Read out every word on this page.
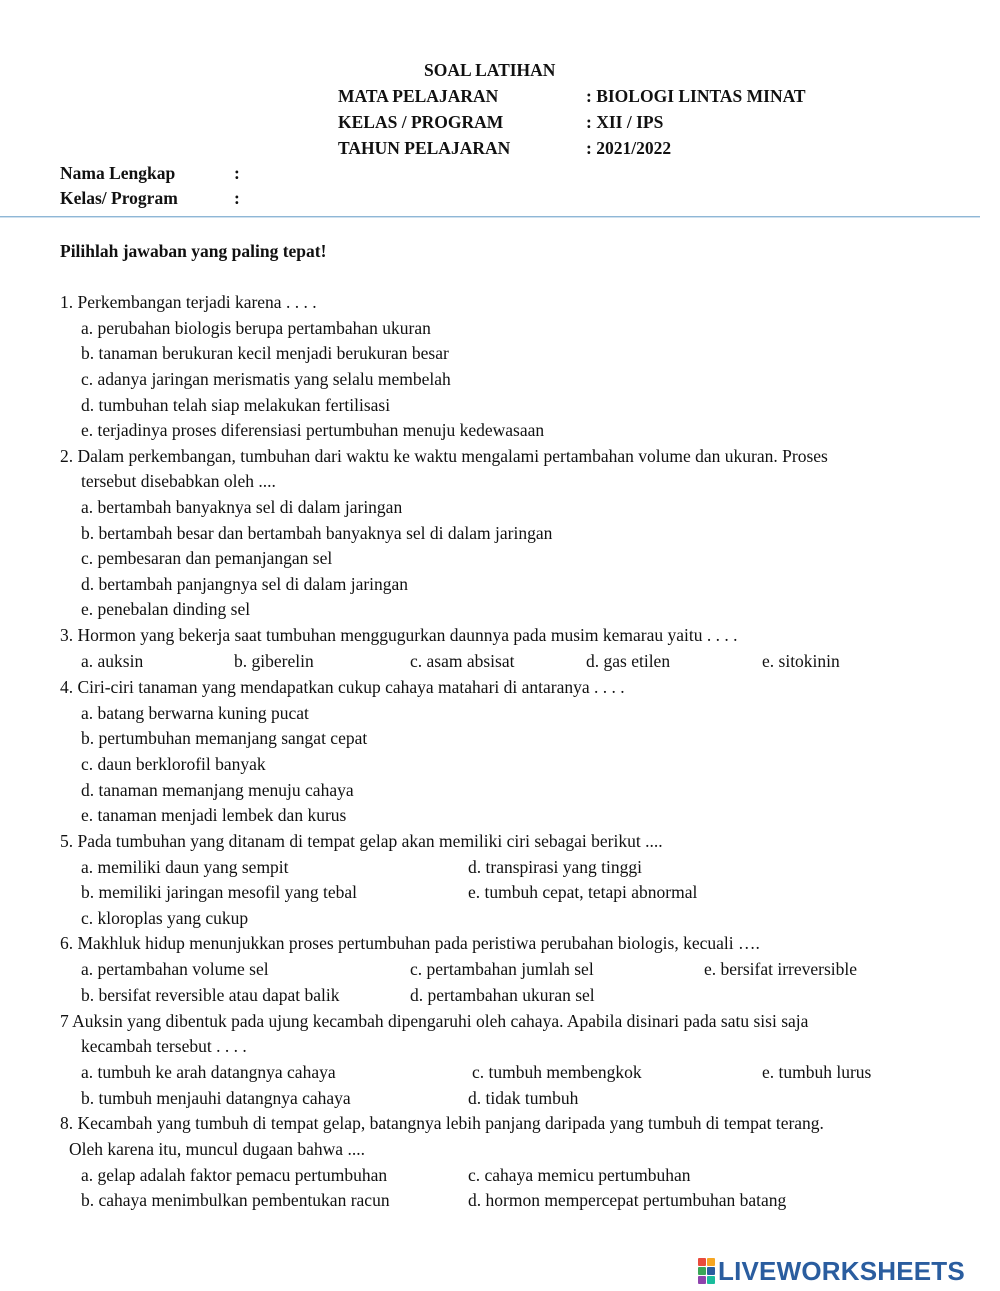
SOAL LATIHAN
MATA PELAJARAN	: BIOLOGI LINTAS MINAT
KELAS / PROGRAM	: XII / IPS
TAHUN PELAJARAN	: 2021/2022
Nama Lengkap	:
Kelas/ Program	:
Pilihlah jawaban yang paling tepat!
1. Perkembangan terjadi karena . . . .
a. perubahan biologis berupa pertambahan ukuran
b. tanaman berukuran kecil menjadi berukuran besar
c. adanya jaringan merismatis yang selalu membelah
d. tumbuhan telah siap melakukan fertilisasi
e. terjadinya proses diferensiasi pertumbuhan menuju kedewasaan
2. Dalam perkembangan, tumbuhan dari waktu ke waktu mengalami pertambahan volume dan ukuran. Proses
tersebut disebabkan oleh ....
a. bertambah banyaknya sel di dalam jaringan
b. bertambah besar dan bertambah banyaknya sel di dalam jaringan
c. pembesaran dan pemanjangan sel
d. bertambah panjangnya sel di dalam jaringan
e. penebalan dinding sel
3. Hormon yang bekerja saat tumbuhan menggugurkan daunnya pada musim kemarau yaitu . . . .
a. auksin	b. giberelin	c. asam absisat	d. gas etilen	e. sitokinin
4. Ciri-ciri tanaman yang mendapatkan cukup cahaya matahari di antaranya . . . .
a. batang berwarna kuning pucat
b. pertumbuhan memanjang sangat cepat
c. daun berklorofil banyak
d. tanaman memanjang menuju cahaya
e. tanaman menjadi lembek dan kurus
5. Pada tumbuhan yang ditanam di tempat gelap akan memiliki ciri sebagai berikut ....
a. memiliki daun yang sempit	d. transpirasi yang tinggi
b. memiliki jaringan mesofil yang tebal	e. tumbuh cepat, tetapi abnormal
c. kloroplas yang cukup
6. Makhluk hidup menunjukkan proses pertumbuhan pada peristiwa perubahan biologis, kecuali ….
a. pertambahan volume sel	c. pertambahan jumlah sel	e. bersifat irreversible
b. bersifat reversible atau dapat balik	d. pertambahan ukuran sel
7 Auksin yang dibentuk pada ujung kecambah dipengaruhi oleh cahaya. Apabila disinari pada satu sisi saja
kecambah tersebut . . . .
a. tumbuh ke arah datangnya cahaya	c. tumbuh membengkok	e. tumbuh lurus
b. tumbuh menjauhi datangnya cahaya	d. tidak tumbuh
8. Kecambah yang tumbuh di tempat gelap, batangnya lebih panjang daripada yang tumbuh di tempat terang.
Oleh karena itu, muncul dugaan bahwa ....
a. gelap adalah faktor pemacu pertumbuhan	c. cahaya memicu pertumbuhan
b. cahaya menimbulkan pembentukan racun	d. hormon mempercepat pertumbuhan batang
LIVEWORKSHEETS
